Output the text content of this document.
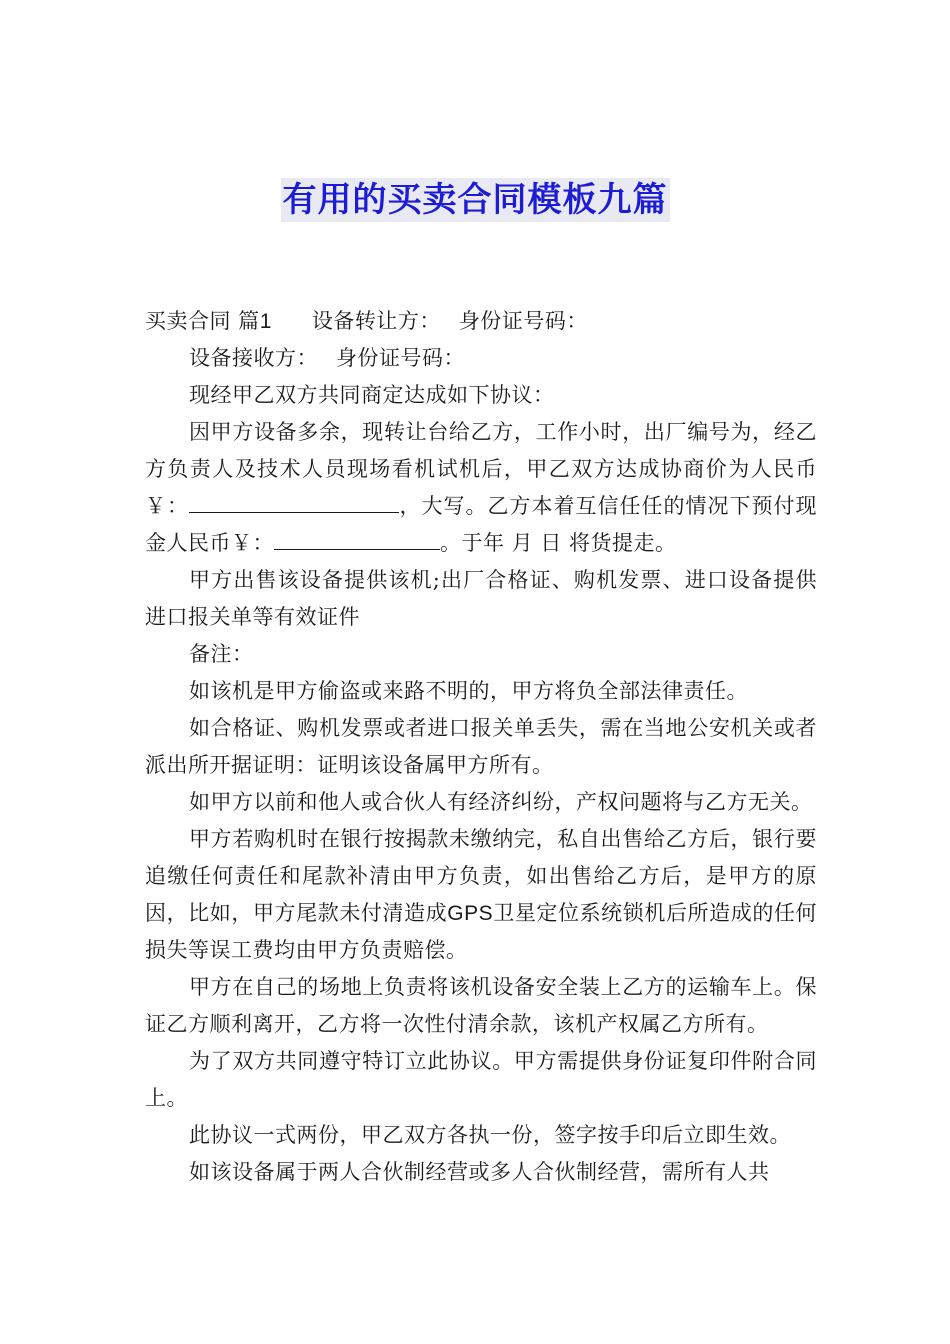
有用的买卖合同模板九篇

买卖合同 篇1 设备转让方： 身份证号码：

设备接收方： 身份证号码：

现经甲乙双方共同商定达成如下协议：

因甲方设备多余，现转让台给乙方，工作小时，出厂编号为，经乙方负责人及技术人员现场看机试机后，甲乙双方达成协商价为人民币￥：	，大写。乙方本着互信任任的情况下预付现金人民币￥：	。于年 月 日 将货提走。

甲方出售该设备提供该机;出厂合格证、购机发票、进口设备提供进口报关单等有效证件

备注：

如该机是甲方偷盗或来路不明的，甲方将负全部法律责任。

如合格证、购机发票或者进口报关单丢失，需在当地公安机关或者派出所开据证明：证明该设备属甲方所有。

如甲方以前和他人或合伙人有经济纠纷，产权问题将与乙方无关。

甲方若购机时在银行按揭款未缴纳完，私自出售给乙方后，银行要追缴任何责任和尾款补清由甲方负责，如出售给乙方后，是甲方的原因，比如，甲方尾款未付清造成GPS卫星定位系统锁机后所造成的任何损失等误工费均由甲方负责赔偿。

甲方在自己的场地上负责将该机设备安全装上乙方的运输车上。保证乙方顺利离开，乙方将一次性付清余款，该机产权属乙方所有。

为了双方共同遵守特订立此协议。甲方需提供身份证复印件附合同上。

此协议一式两份，甲乙双方各执一份，签字按手印后立即生效。

如该设备属于两人合伙制经营或多人合伙制经营，需所有人共
